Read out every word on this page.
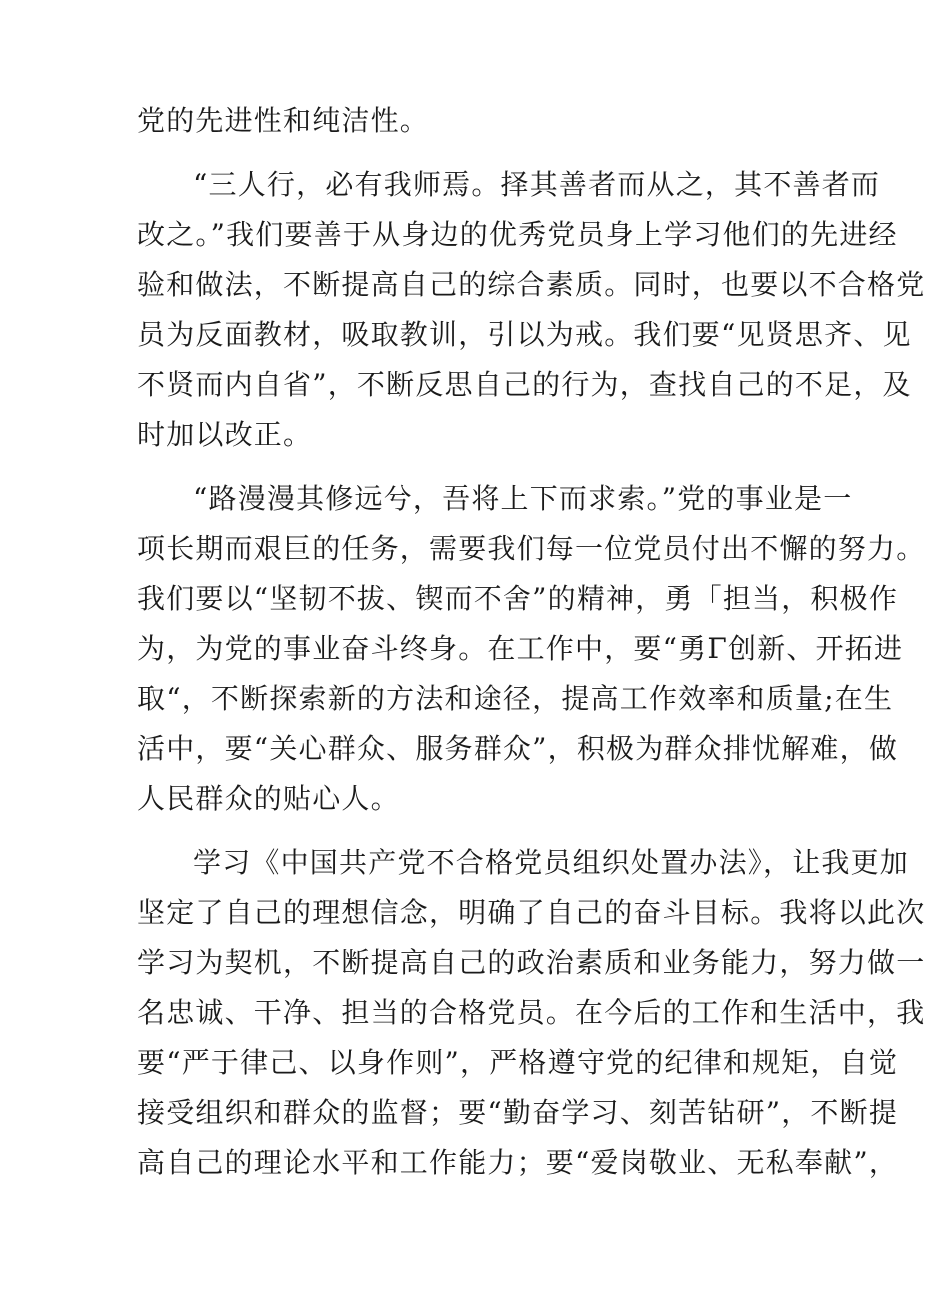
党的先进性和纯洁性。
“三人行，必有我师焉。择其善者而从之，其不善者而
改之。”我们要善于从身边的优秀党员身上学习他们的先进经
验和做法，不断提高自己的综合素质。同时，也要以不合格党
员为反面教材，吸取教训，引以为戒。我们要“见贤思齐、见
不贤而内自省”，不断反思自己的行为，查找自己的不足，及
时加以改正。
“路漫漫其修远兮，吾将上下而求索。”党的事业是一
项长期而艰巨的任务，需要我们每一位党员付出不懈的努力。
我们要以“坚韧不拔、锲而不舍”的精神，勇「担当，积极作
为，为党的事业奋斗终身。在工作中，要“勇Γ创新、开拓进
取“，不断探索新的方法和途径，提高工作效率和质量;在生
活中，要“关心群众、服务群众”，积极为群众排忧解难，做
人民群众的贴心人。
学习《中国共产党不合格党员组织处置办法》，让我更加
坚定了自己的理想信念，明确了自己的奋斗目标。我将以此次
学习为契机，不断提高自己的政治素质和业务能力，努力做一
名忠诚、干净、担当的合格党员。在今后的工作和生活中，我
要“严于律己、以身作则”，严格遵守党的纪律和规矩，自觉
接受组织和群众的监督；要“勤奋学习、刻苦钻研”，不断提
高自己的理论水平和工作能力；要“爱岗敬业、无私奉献”，
